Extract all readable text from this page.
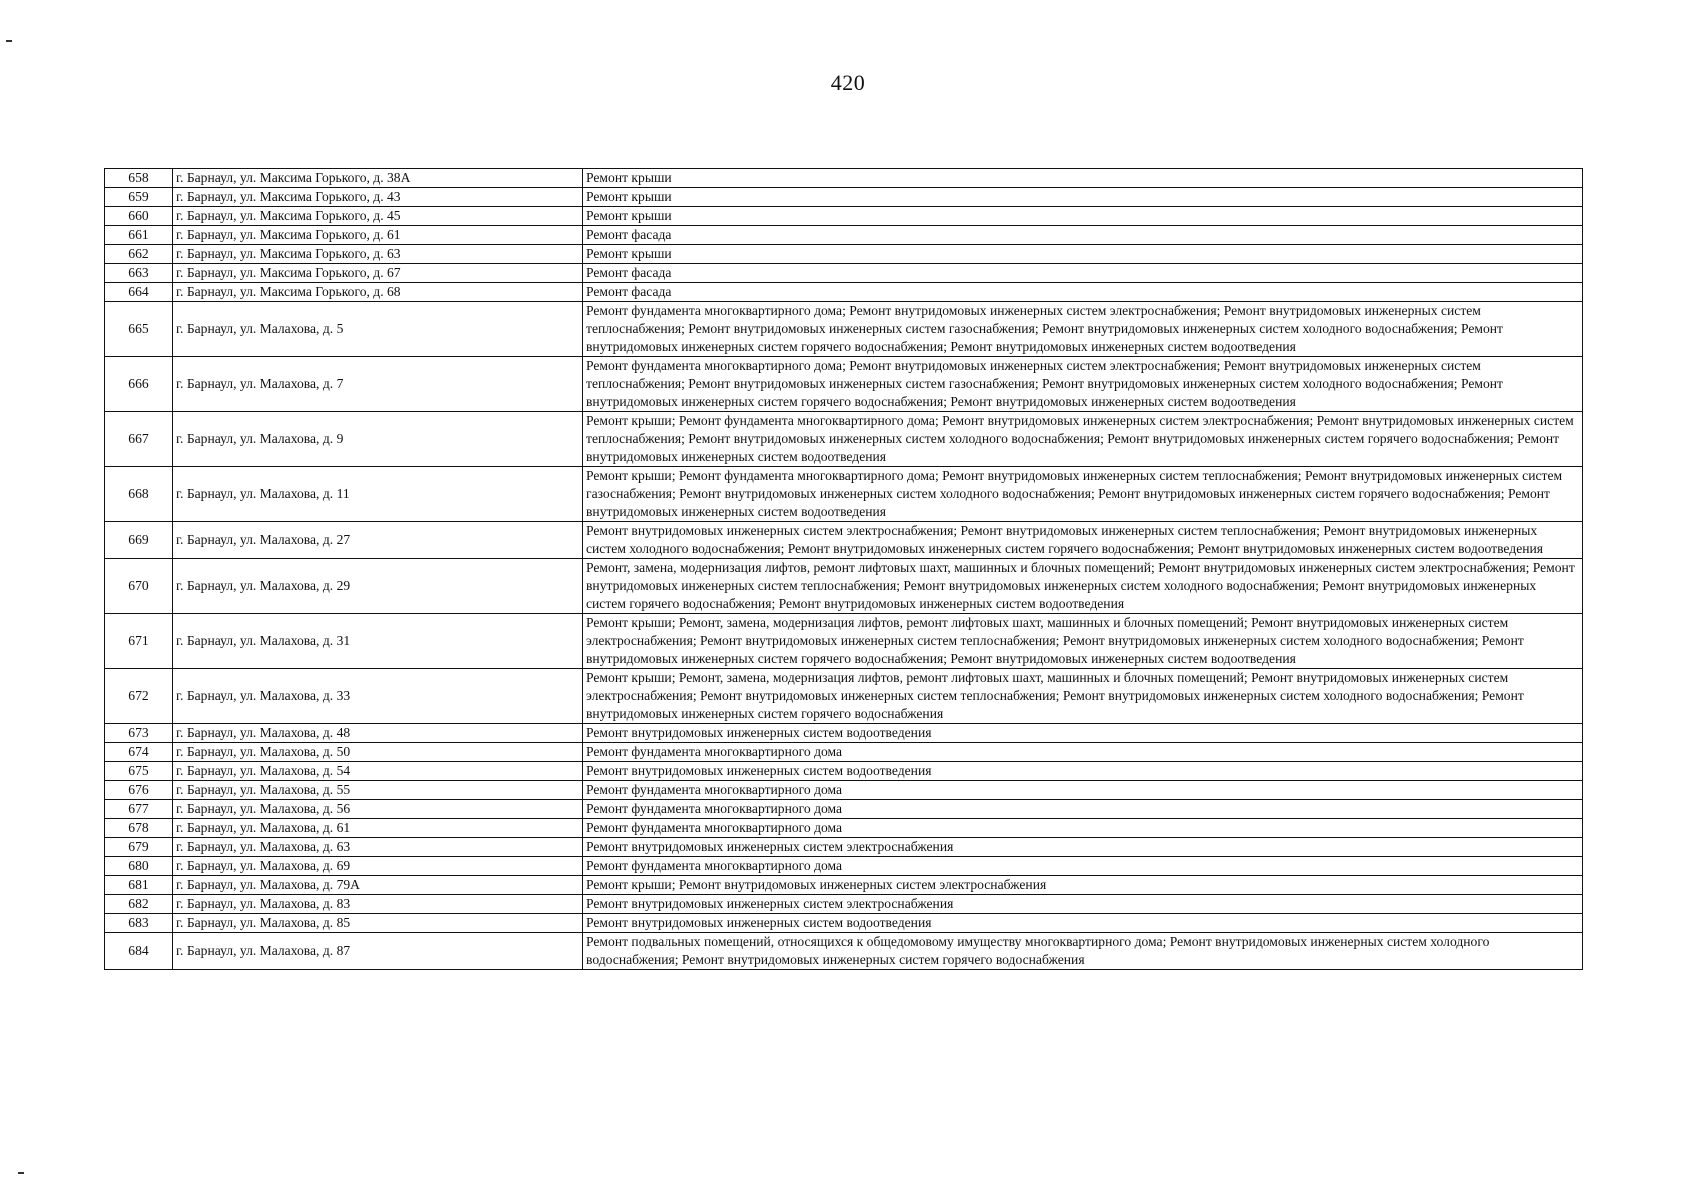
420
658	г. Барнаул, ул. Максима Горького, д. 38А	Ремонт крыши
659	г. Барнаул, ул. Максима Горького, д. 43	Ремонт крыши
660	г. Барнаул, ул. Максима Горького, д. 45	Ремонт крыши
661	г. Барнаул, ул. Максима Горького, д. 61	Ремонт фасада
662	г. Барнаул, ул. Максима Горького, д. 63	Ремонт крыши
663	г. Барнаул, ул. Максима Горького, д. 67	Ремонт фасада
664	г. Барнаул, ул. Максима Горького, д. 68	Ремонт фасада
665	г. Барнаул, ул. Малахова, д. 5	Ремонт фундамента многоквартирного дома; Ремонт внутридомовых инженерных систем электроснабжения; Ремонт внутридомовых инженерных систем теплоснабжения; Ремонт внутридомовых инженерных систем газоснабжения; Ремонт внутридомовых инженерных систем холодного водоснабжения; Ремонт внутридомовых инженерных систем горячего водоснабжения; Ремонт внутридомовых инженерных систем водоотведения
666	г. Барнаул, ул. Малахова, д. 7	Ремонт фундамента многоквартирного дома; Ремонт внутридомовых инженерных систем электроснабжения; Ремонт внутридомовых инженерных систем теплоснабжения; Ремонт внутридомовых инженерных систем газоснабжения; Ремонт внутридомовых инженерных систем холодного водоснабжения; Ремонт внутридомовых инженерных систем горячего водоснабжения; Ремонт внутридомовых инженерных систем водоотведения
667	г. Барнаул, ул. Малахова, д. 9	Ремонт крыши; Ремонт фундамента многоквартирного дома; Ремонт внутридомовых инженерных систем электроснабжения; Ремонт внутридомовых инженерных систем теплоснабжения; Ремонт внутридомовых инженерных систем холодного водоснабжения; Ремонт внутридомовых инженерных систем горячего водоснабжения; Ремонт внутридомовых инженерных систем водоотведения
668	г. Барнаул, ул. Малахова, д. 11	Ремонт крыши; Ремонт фундамента многоквартирного дома; Ремонт внутридомовых инженерных систем теплоснабжения; Ремонт внутридомовых инженерных систем газоснабжения; Ремонт внутридомовых инженерных систем холодного водоснабжения; Ремонт внутридомовых инженерных систем горячего водоснабжения; Ремонт внутридомовых инженерных систем водоотведения
669	г. Барнаул, ул. Малахова, д. 27	Ремонт внутридомовых инженерных систем электроснабжения; Ремонт внутридомовых инженерных систем теплоснабжения; Ремонт внутридомовых инженерных систем холодного водоснабжения; Ремонт внутридомовых инженерных систем горячего водоснабжения; Ремонт внутридомовых инженерных систем водоотведения
670	г. Барнаул, ул. Малахова, д. 29	Ремонт, замена, модернизация лифтов, ремонт лифтовых шахт, машинных и блочных помещений; Ремонт внутридомовых инженерных систем электроснабжения; Ремонт внутридомовых инженерных систем теплоснабжения; Ремонт внутридомовых инженерных систем холодного водоснабжения; Ремонт внутридомовых инженерных систем горячего водоснабжения; Ремонт внутридомовых инженерных систем водоотведения
671	г. Барнаул, ул. Малахова, д. 31	Ремонт крыши; Ремонт, замена, модернизация лифтов, ремонт лифтовых шахт, машинных и блочных помещений; Ремонт внутридомовых инженерных систем электроснабжения; Ремонт внутридомовых инженерных систем теплоснабжения; Ремонт внутридомовых инженерных систем холодного водоснабжения; Ремонт внутридомовых инженерных систем горячего водоснабжения; Ремонт внутридомовых инженерных систем водоотведения
672	г. Барнаул, ул. Малахова, д. 33	Ремонт крыши; Ремонт, замена, модернизация лифтов, ремонт лифтовых шахт, машинных и блочных помещений; Ремонт внутридомовых инженерных систем электроснабжения; Ремонт внутридомовых инженерных систем теплоснабжения; Ремонт внутридомовых инженерных систем холодного водоснабжения; Ремонт внутридомовых инженерных систем горячего водоснабжения
673	г. Барнаул, ул. Малахова, д. 48	Ремонт внутридомовых инженерных систем водоотведения
674	г. Барнаул, ул. Малахова, д. 50	Ремонт фундамента многоквартирного дома
675	г. Барнаул, ул. Малахова, д. 54	Ремонт внутридомовых инженерных систем водоотведения
676	г. Барнаул, ул. Малахова, д. 55	Ремонт фундамента многоквартирного дома
677	г. Барнаул, ул. Малахова, д. 56	Ремонт фундамента многоквартирного дома
678	г. Барнаул, ул. Малахова, д. 61	Ремонт фундамента многоквартирного дома
679	г. Барнаул, ул. Малахова, д. 63	Ремонт внутридомовых инженерных систем электроснабжения
680	г. Барнаул, ул. Малахова, д. 69	Ремонт фундамента многоквартирного дома
681	г. Барнаул, ул. Малахова, д. 79А	Ремонт крыши; Ремонт внутридомовых инженерных систем электроснабжения
682	г. Барнаул, ул. Малахова, д. 83	Ремонт внутридомовых инженерных систем электроснабжения
683	г. Барнаул, ул. Малахова, д. 85	Ремонт внутридомовых инженерных систем водоотведения
684	г. Барнаул, ул. Малахова, д. 87	Ремонт подвальных помещений, относящихся к общедомовому имуществу многоквартирного дома; Ремонт внутридомовых инженерных систем холодного водоснабжения; Ремонт внутридомовых инженерных систем горячего водоснабжения
